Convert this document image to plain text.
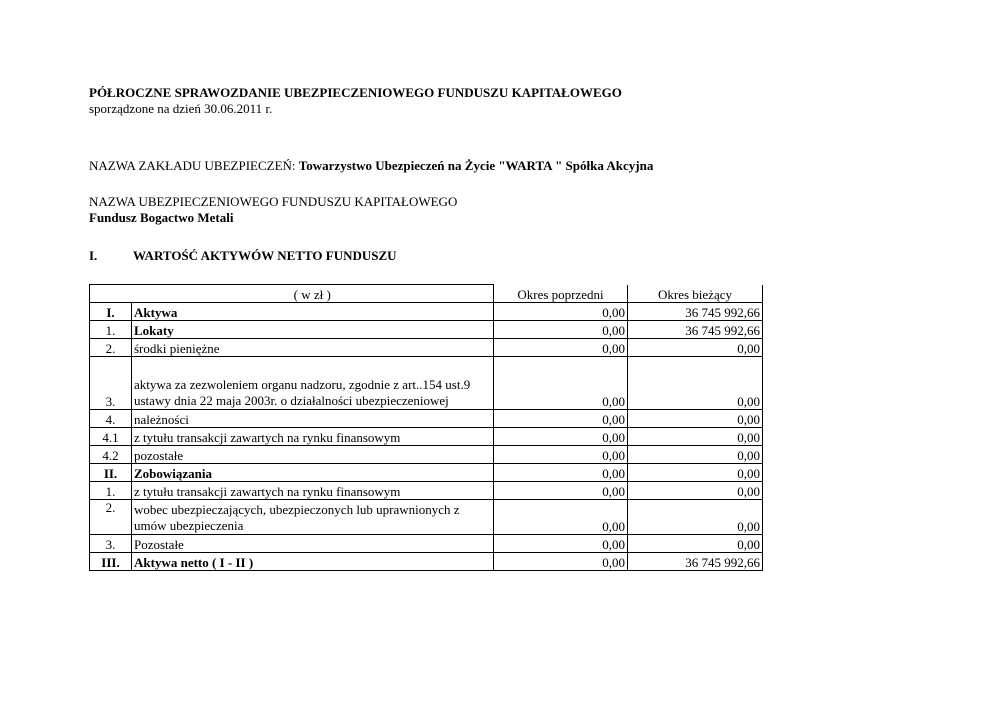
PÓŁROCZNE SPRAWOZDANIE UBEZPIECZENIOWEGO FUNDUSZU KAPITAŁOWEGO
sporządzone na dzień 30.06.2011 r.
NAZWA ZAKŁADU UBEZPIECZEŃ: Towarzystwo Ubezpieczeń na Życie "WARTA " Spółka Akcyjna
NAZWA UBEZPIECZENIOWEGO FUNDUSZU KAPITAŁOWEGO
Fundusz Bogactwo Metali
I.	WARTOŚĆ AKTYWÓW NETTO FUNDUSZU
	( w zł )	Okres poprzedni	Okres bieżący
I.	Aktywa	0,00	36 745 992,66
1.	Lokaty	0,00	36 745 992,66
2.	środki pieniężne	0,00	0,00
3.	aktywa za zezwoleniem organu nadzoru, zgodnie z art..154 ust.9
ustawy dnia 22 maja 2003r. o działalności ubezpieczeniowej	0,00	0,00
4.	należności	0,00	0,00
4.1	z tytułu transakcji zawartych na rynku finansowym	0,00	0,00
4.2	pozostałe	0,00	0,00
II.	Zobowiązania	0,00	0,00
1.	z tytułu transakcji zawartych na rynku finansowym	0,00	0,00
2.	wobec ubezpieczających, ubezpieczonych lub uprawnionych z
umów ubezpieczenia	0,00	0,00
3.	Pozostałe	0,00	0,00
III.	Aktywa netto ( I - II )	0,00	36 745 992,66
